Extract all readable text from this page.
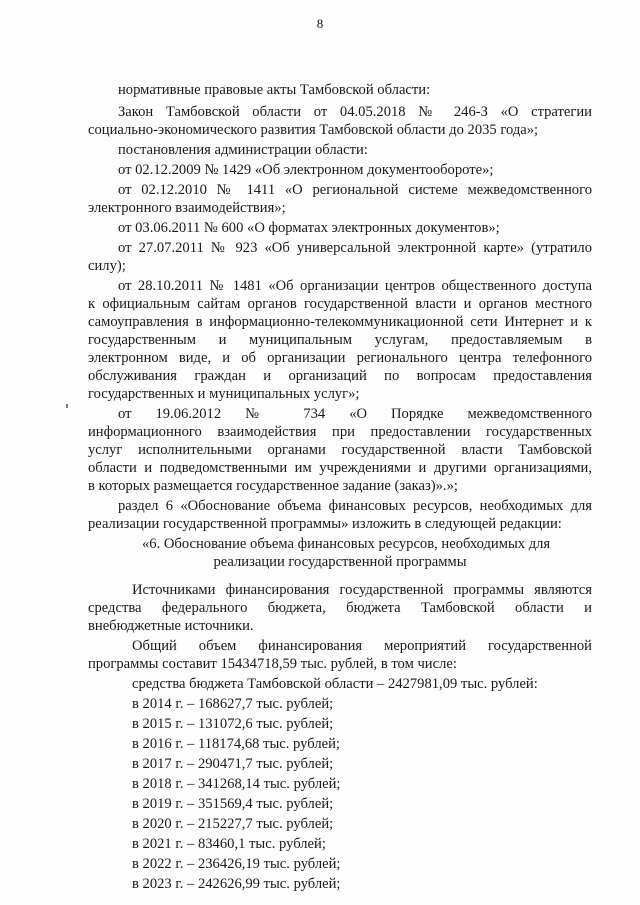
8
нормативные правовые акты Тамбовской области:
Закон Тамбовской области от 04.05.2018 № 246-З «О стратегии
социально-экономического развития Тамбовской области до 2035 года»;
постановления администрации области:
от 02.12.2009 № 1429 «Об электронном документообороте»;
от 02.12.2010 № 1411 «О региональной системе межведомственного
электронного взаимодействия»;
от 03.06.2011 № 600 «О форматах электронных документов»;
от 27.07.2011 № 923 «Об универсальной электронной карте» (утратило
силу);
от 28.10.2011 № 1481 «Об организации центров общественного доступа
к официальным сайтам органов государственной власти и органов местного
самоуправления в информационно-телекоммуникационной сети Интернет и к
государственным и муниципальным услугам, предоставляемым в
электронном виде, и об организации регионального центра телефонного
обслуживания граждан и организаций по вопросам предоставления
государственных и муниципальных услуг»;
от 19.06.2012 № 734 «О Порядке межведомственного
информационного взаимодействия при предоставлении государственных
услуг исполнительными органами государственной власти Тамбовской
области и подведомственными им учреждениями и другими организациями,
в которых размещается государственное задание (заказ)».»;
раздел 6 «Обоснование объема финансовых ресурсов, необходимых для
реализации государственной программы» изложить в следующей редакции:
«6. Обоснование объема финансовых ресурсов, необходимых для
реализации государственной программы
Источниками финансирования государственной программы являются
средства федерального бюджета, бюджета Тамбовской области и
внебюджетные источники.
Общий объем финансирования мероприятий государственной
программы составит 15434718,59 тыс. рублей, в том числе:
средства бюджета Тамбовской области – 2427981,09 тыс. рублей:
в 2014 г. – 168627,7 тыс. рублей;
в 2015 г. – 131072,6 тыс. рублей;
в 2016 г. – 118174,68 тыс. рублей;
в 2017 г. – 290471,7 тыс. рублей;
в 2018 г. – 341268,14 тыс. рублей;
в 2019 г. – 351569,4 тыс. рублей;
в 2020 г. – 215227,7 тыс. рублей;
в 2021 г. – 83460,1 тыс. рублей;
в 2022 г. – 236426,19 тыс. рублей;
в 2023 г. – 242626,99 тыс. рублей;
